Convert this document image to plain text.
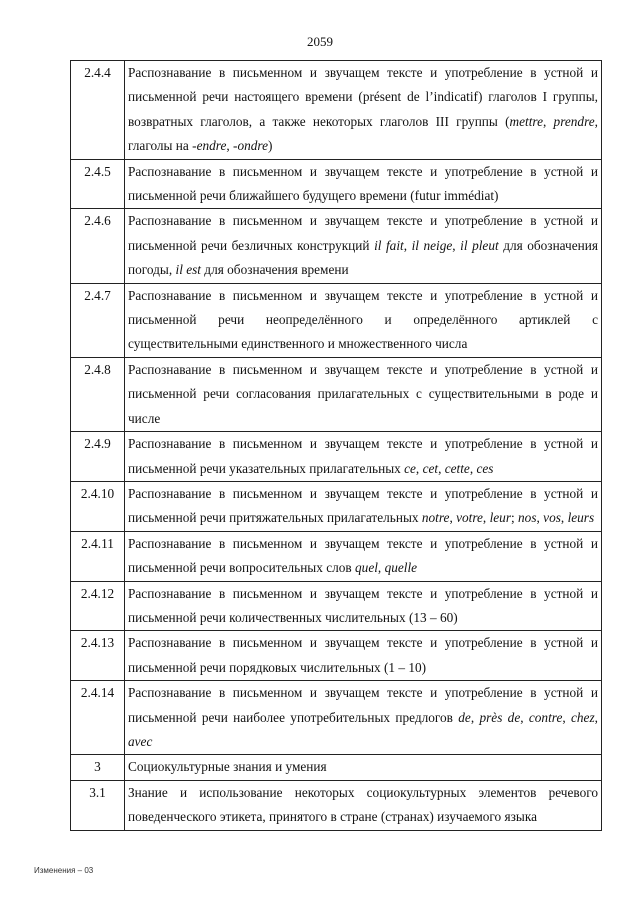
2059
2.4.4	Распознавание в письменном и звучащем тексте и употребление в устной и письменной речи настоящего времени (présent de l’indicatif) глаголов I группы, возвратных глаголов, а также некоторых глаголов III группы (mettre, prendre, глаголы на -endre, -ondre)
2.4.5	Распознавание в письменном и звучащем тексте и употребление в устной и письменной речи ближайшего будущего времени (futur immédiat)
2.4.6	Распознавание в письменном и звучащем тексте и употребление в устной и письменной речи безличных конструкций il fait, il neige, il pleut для обозначения погоды, il est для обозначения времени
2.4.7	Распознавание в письменном и звучащем тексте и употребление в устной и письменной речи неопределённого и определённого артиклей с существительными единственного и множественного числа
2.4.8	Распознавание в письменном и звучащем тексте и употребление в устной и письменной речи согласования прилагательных с существительными в роде и числе
2.4.9	Распознавание в письменном и звучащем тексте и употребление в устной и письменной речи указательных прилагательных ce, cet, cette, ces
2.4.10	Распознавание в письменном и звучащем тексте и употребление в устной и письменной речи притяжательных прилагательных notre, votre, leur; nos, vos, leurs
2.4.11	Распознавание в письменном и звучащем тексте и употребление в устной и письменной речи вопросительных слов quel, quelle
2.4.12	Распознавание в письменном и звучащем тексте и употребление в устной и письменной речи количественных числительных (13 – 60)
2.4.13	Распознавание в письменном и звучащем тексте и употребление в устной и письменной речи порядковых числительных (1 – 10)
2.4.14	Распознавание в письменном и звучащем тексте и употребление в устной и письменной речи наиболее употребительных предлогов de, près de, contre, chez, avec
3	Социокультурные знания и умения
3.1	Знание и использование некоторых социокультурных элементов речевого поведенческого этикета, принятого в стране (странах) изучаемого языка
Изменения – 03
